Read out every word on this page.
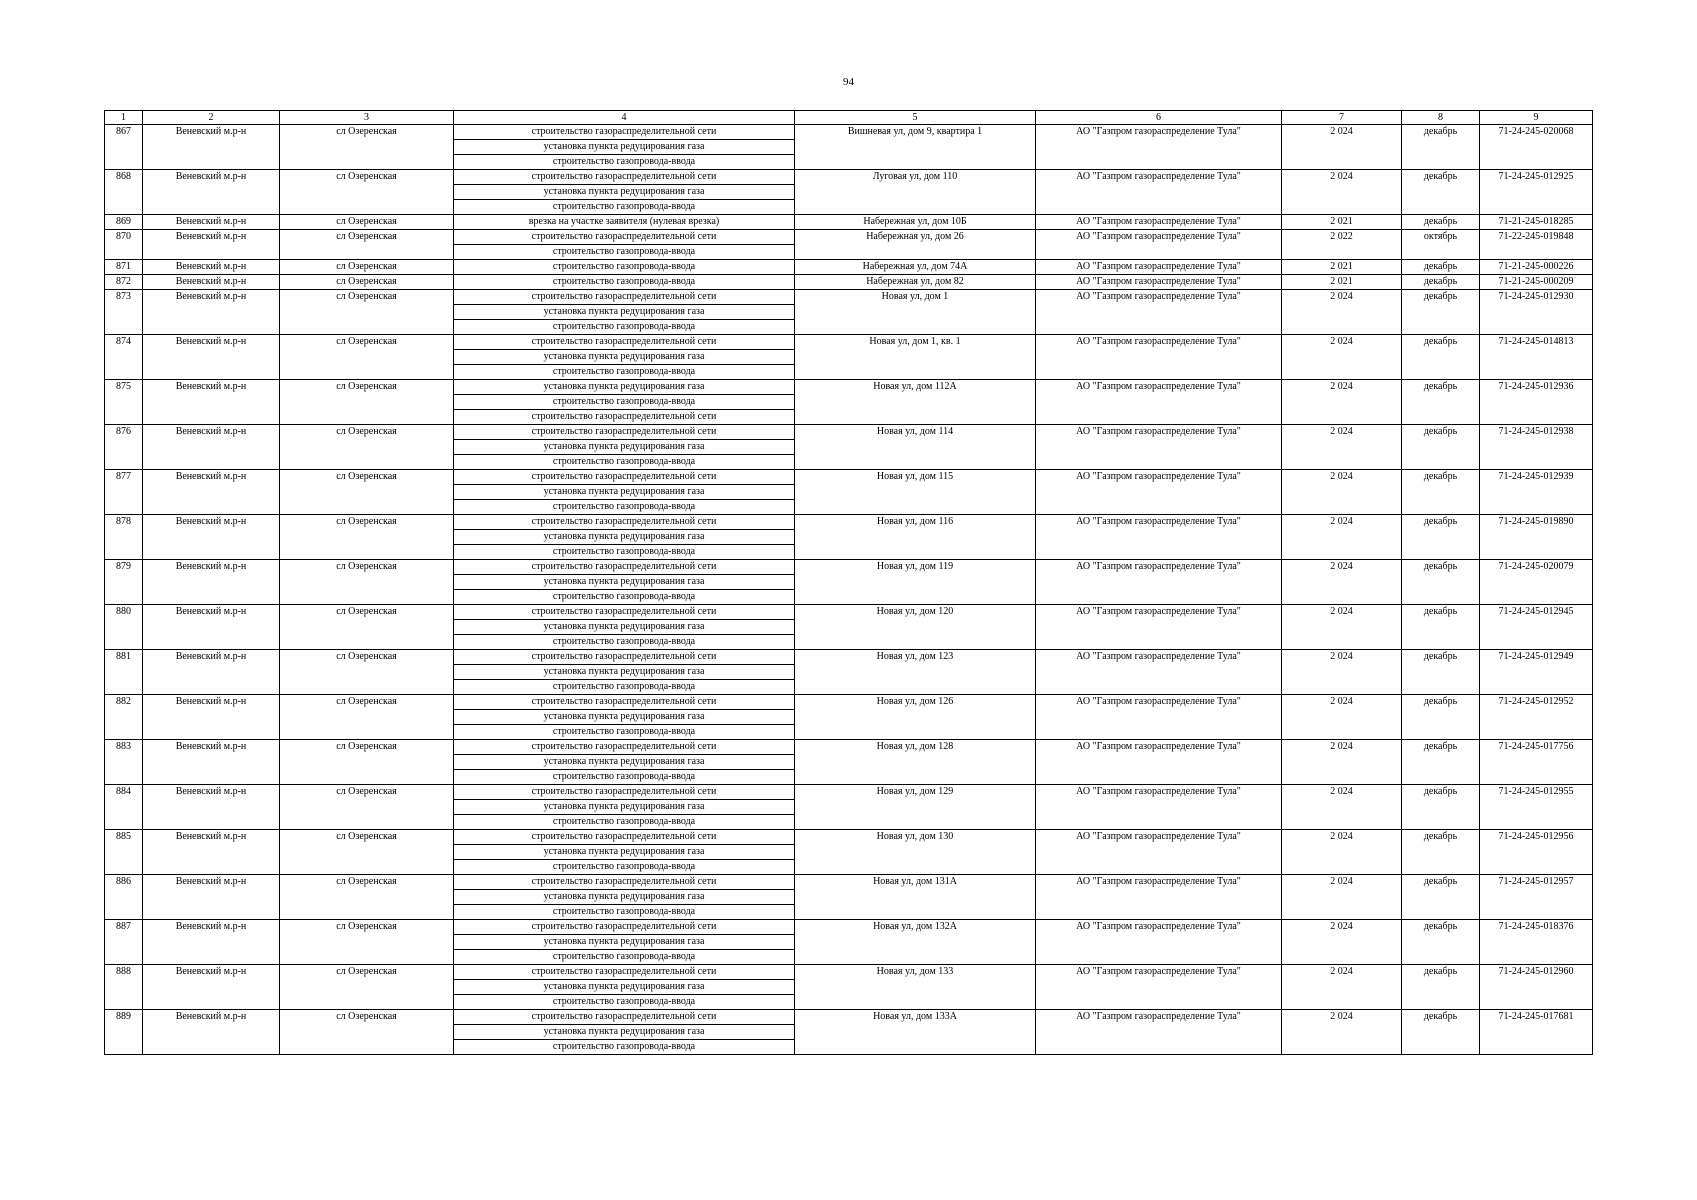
94
1	2	3	4	5	6	7	8	9
867	Веневский м.р-н	сл Озеренская	строительство газораспределительной сети	Вишневая ул, дом 9, квартира 1	АО "Газпром газораспределение Тула"	2 024	декабрь	71-24-245-020068
			установка пункта редуцирования газа					
			строительство газопровода-ввода					
868	Веневский м.р-н	сл Озеренская	строительство газораспределительной сети	Луговая ул, дом 110	АО "Газпром газораспределение Тула"	2 024	декабрь	71-24-245-012925
			установка пункта редуцирования газа					
			строительство газопровода-ввода					
869	Веневский м.р-н	сл Озеренская	врезка на участке заявителя (нулевая врезка)	Набережная ул, дом 10Б	АО "Газпром газораспределение Тула"	2 021	декабрь	71-21-245-018285
870	Веневский м.р-н	сл Озеренская	строительство газораспределительной сети	Набережная ул, дом 26	АО "Газпром газораспределение Тула"	2 022	октябрь	71-22-245-019848
			строительство газопровода-ввода					
871	Веневский м.р-н	сл Озеренская	строительство газопровода-ввода	Набережная ул, дом 74А	АО "Газпром газораспределение Тула"	2 021	декабрь	71-21-245-000226
872	Веневский м.р-н	сл Озеренская	строительство газопровода-ввода	Набережная ул, дом 82	АО "Газпром газораспределение Тула"	2 021	декабрь	71-21-245-000209
873	Веневский м.р-н	сл Озеренская	строительство газораспределительной сети	Новая ул, дом 1	АО "Газпром газораспределение Тула"	2 024	декабрь	71-24-245-012930
			установка пункта редуцирования газа					
			строительство газопровода-ввода					
874	Веневский м.р-н	сл Озеренская	строительство газораспределительной сети	Новая ул, дом 1, кв. 1	АО "Газпром газораспределение Тула"	2 024	декабрь	71-24-245-014813
			установка пункта редуцирования газа					
			строительство газопровода-ввода					
875	Веневский м.р-н	сл Озеренская	установка пункта редуцирования газа	Новая ул, дом 112А	АО "Газпром газораспределение Тула"	2 024	декабрь	71-24-245-012936
			строительство газопровода-ввода					
			строительство газораспределительной сети					
876	Веневский м.р-н	сл Озеренская	строительство газораспределительной сети	Новая ул, дом 114	АО "Газпром газораспределение Тула"	2 024	декабрь	71-24-245-012938
			установка пункта редуцирования газа					
			строительство газопровода-ввода					
877	Веневский м.р-н	сл Озеренская	строительство газораспределительной сети	Новая ул, дом 115	АО "Газпром газораспределение Тула"	2 024	декабрь	71-24-245-012939
			установка пункта редуцирования газа					
			строительство газопровода-ввода					
878	Веневский м.р-н	сл Озеренская	строительство газораспределительной сети	Новая ул, дом 116	АО "Газпром газораспределение Тула"	2 024	декабрь	71-24-245-019890
			установка пункта редуцирования газа					
			строительство газопровода-ввода					
879	Веневский м.р-н	сл Озеренская	строительство газораспределительной сети	Новая ул, дом 119	АО "Газпром газораспределение Тула"	2 024	декабрь	71-24-245-020079
			установка пункта редуцирования газа					
			строительство газопровода-ввода					
880	Веневский м.р-н	сл Озеренская	строительство газораспределительной сети	Новая ул, дом 120	АО "Газпром газораспределение Тула"	2 024	декабрь	71-24-245-012945
			установка пункта редуцирования газа					
			строительство газопровода-ввода					
881	Веневский м.р-н	сл Озеренская	строительство газораспределительной сети	Новая ул, дом 123	АО "Газпром газораспределение Тула"	2 024	декабрь	71-24-245-012949
			установка пункта редуцирования газа					
			строительство газопровода-ввода					
882	Веневский м.р-н	сл Озеренская	строительство газораспределительной сети	Новая ул, дом 126	АО "Газпром газораспределение Тула"	2 024	декабрь	71-24-245-012952
			установка пункта редуцирования газа					
			строительство газопровода-ввода					
883	Веневский м.р-н	сл Озеренская	строительство газораспределительной сети	Новая ул, дом 128	АО "Газпром газораспределение Тула"	2 024	декабрь	71-24-245-017756
			установка пункта редуцирования газа					
			строительство газопровода-ввода					
884	Веневский м.р-н	сл Озеренская	строительство газораспределительной сети	Новая ул, дом 129	АО "Газпром газораспределение Тула"	2 024	декабрь	71-24-245-012955
			установка пункта редуцирования газа					
			строительство газопровода-ввода					
885	Веневский м.р-н	сл Озеренская	строительство газораспределительной сети	Новая ул, дом 130	АО "Газпром газораспределение Тула"	2 024	декабрь	71-24-245-012956
			установка пункта редуцирования газа					
			строительство газопровода-ввода					
886	Веневский м.р-н	сл Озеренская	строительство газораспределительной сети	Новая ул, дом 131А	АО "Газпром газораспределение Тула"	2 024	декабрь	71-24-245-012957
			установка пункта редуцирования газа					
			строительство газопровода-ввода					
887	Веневский м.р-н	сл Озеренская	строительство газораспределительной сети	Новая ул, дом 132А	АО "Газпром газораспределение Тула"	2 024	декабрь	71-24-245-018376
			установка пункта редуцирования газа					
			строительство газопровода-ввода					
888	Веневский м.р-н	сл Озеренская	строительство газораспределительной сети	Новая ул, дом 133	АО "Газпром газораспределение Тула"	2 024	декабрь	71-24-245-012960
			установка пункта редуцирования газа					
			строительство газопровода-ввода					
889	Веневский м.р-н	сл Озеренская	строительство газораспределительной сети	Новая ул, дом 133А	АО "Газпром газораспределение Тула"	2 024	декабрь	71-24-245-017681
			установка пункта редуцирования газа					
			строительство газопровода-ввода					
